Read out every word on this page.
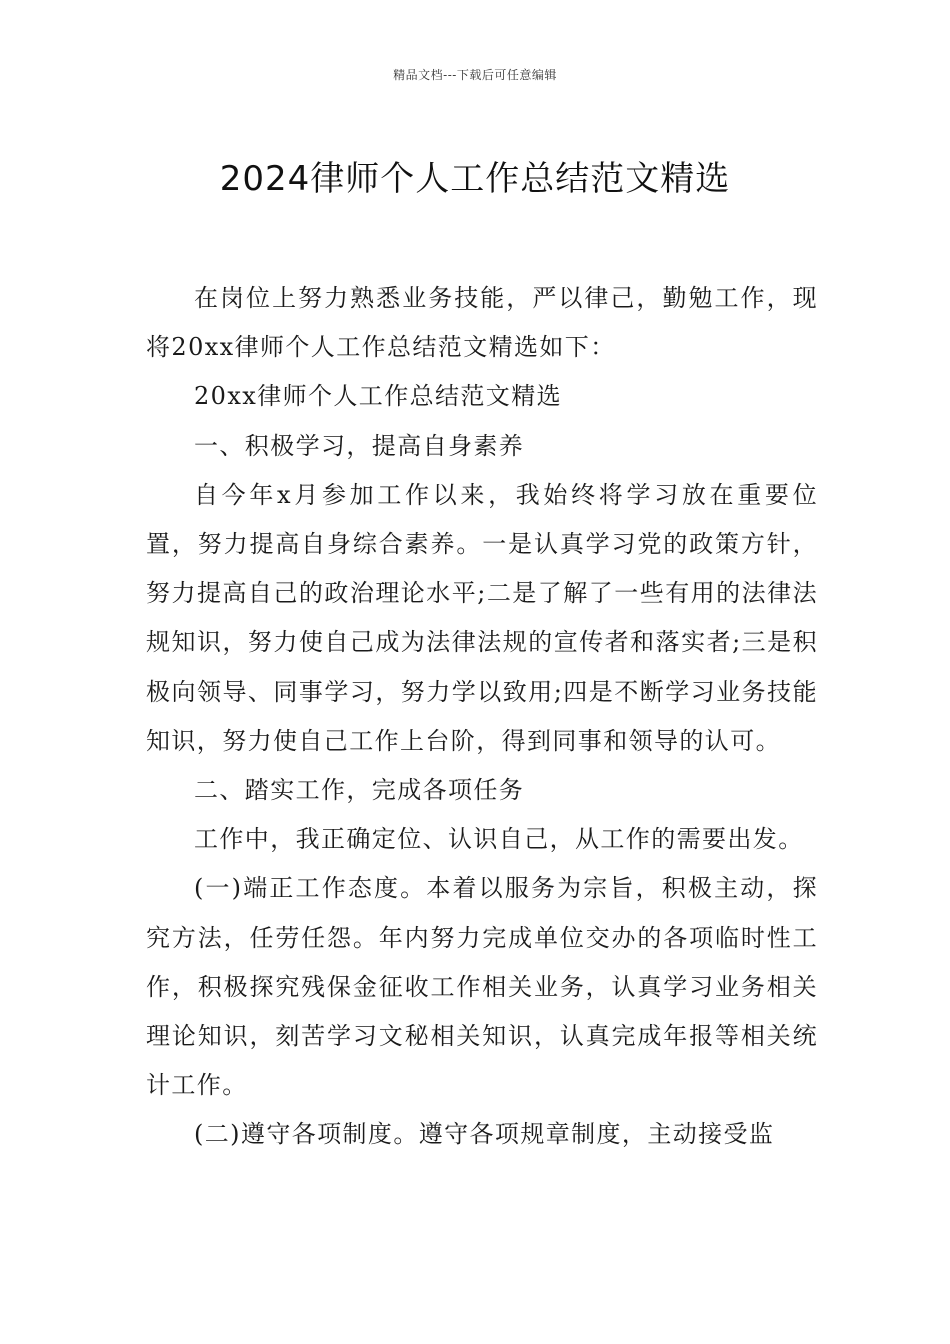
精品文档---下载后可任意编辑
2024律师个人工作总结范文精选

在岗位上努力熟悉业务技能，严以律己，勤勉工作，现将20xx律师个人工作总结范文精选如下：

20xx律师个人工作总结范文精选

一、积极学习，提高自身素养

自今年x月参加工作以来，我始终将学习放在重要位置，努力提高自身综合素养。一是认真学习党的政策方针，努力提高自己的政治理论水平;二是了解了一些有用的法律法规知识，努力使自己成为法律法规的宣传者和落实者;三是积极向领导、同事学习，努力学以致用;四是不断学习业务技能知识，努力使自己工作上台阶，得到同事和领导的认可。

二、踏实工作，完成各项任务

工作中，我正确定位、认识自己，从工作的需要出发。

(一)端正工作态度。本着以服务为宗旨，积极主动，探究方法，任劳任怨。年内努力完成单位交办的各项临时性工作，积极探究残保金征收工作相关业务，认真学习业务相关理论知识，刻苦学习文秘相关知识，认真完成年报等相关统计工作。

(二)遵守各项制度。遵守各项规章制度，主动接受监
